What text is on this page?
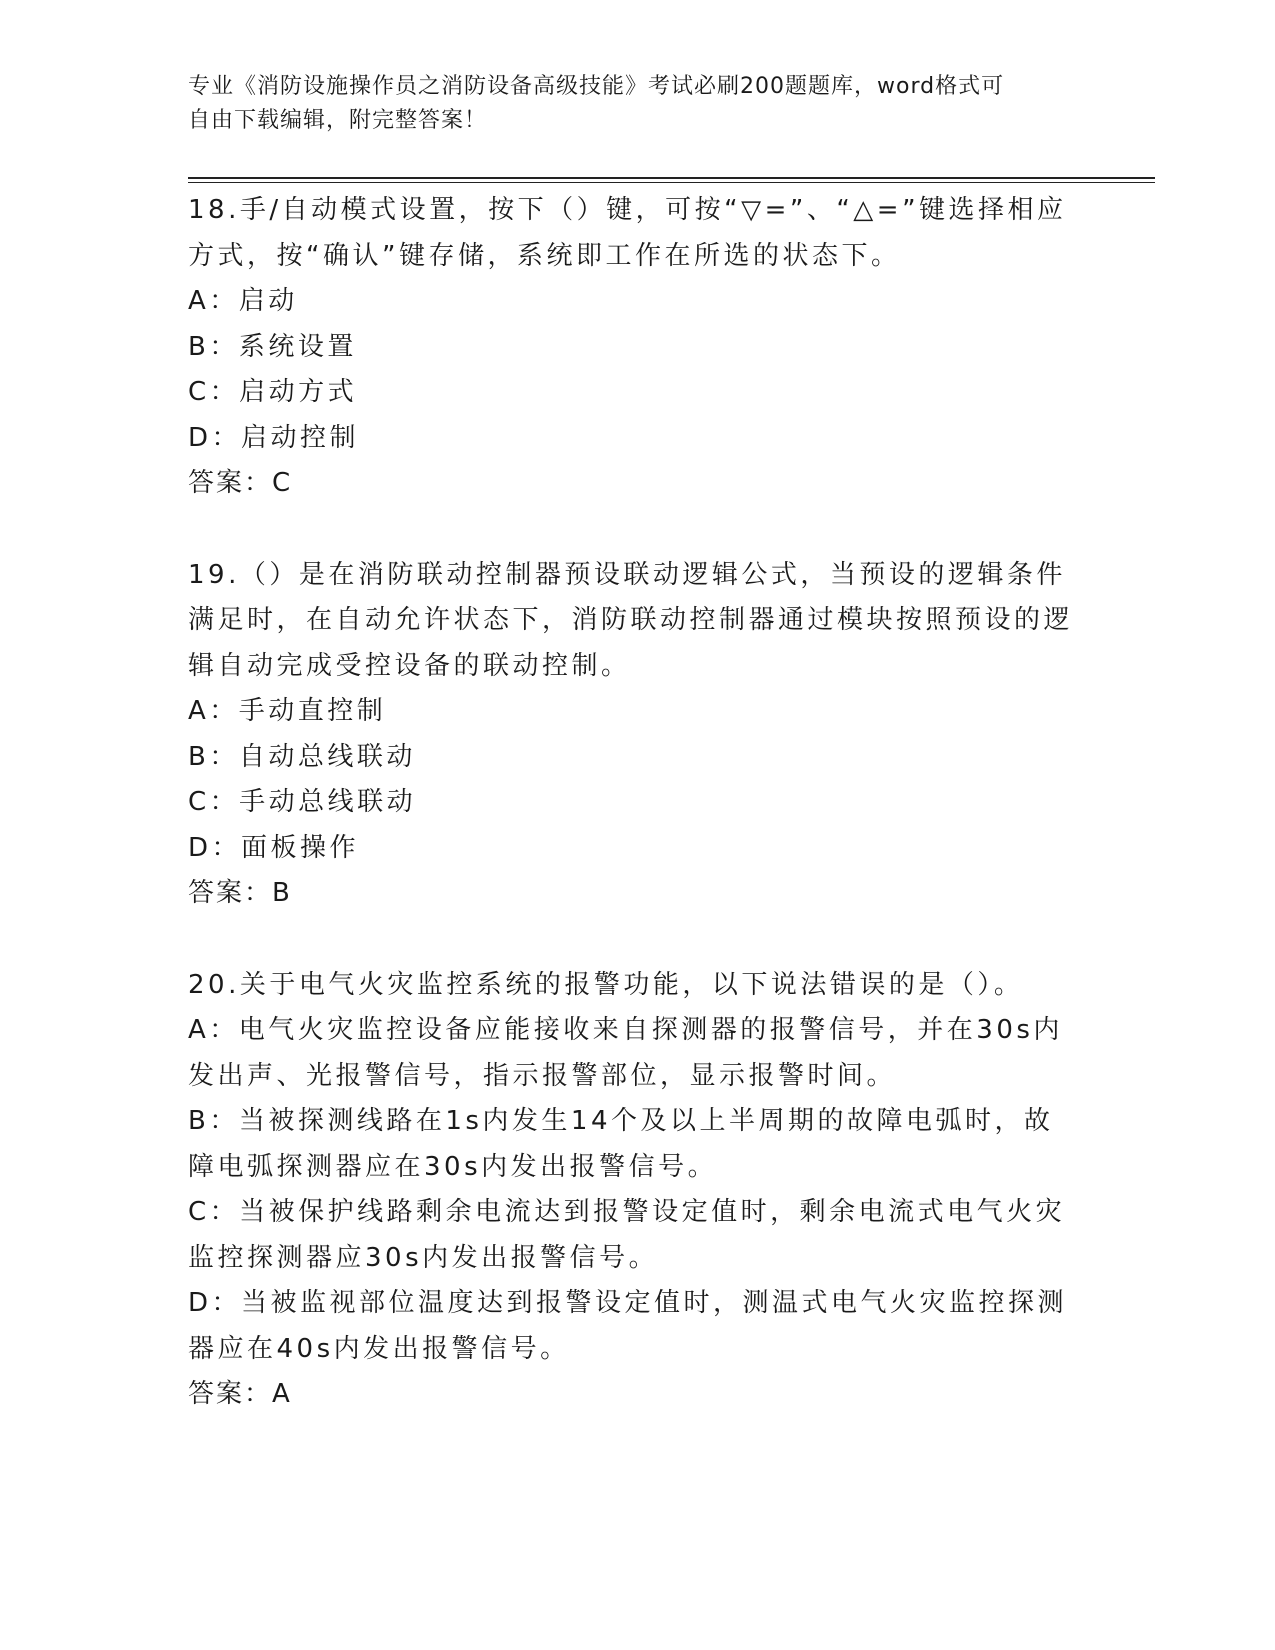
专业《消防设施操作员之消防设备高级技能》考试必刷200题题库，word格式可
自由下载编辑，附完整答案！

18.手/自动模式设置，按下（）键，可按“▽=”、“△=”键选择相应方式，按“确认”键存储，系统即工作在所选的状态下。

A：启动

B：系统设置

C：启动方式

D：启动控制

答案：C

19.（）是在消防联动控制器预设联动逻辑公式，当预设的逻辑条件满足时，在自动允许状态下，消防联动控制器通过模块按照预设的逻辑自动完成受控设备的联动控制。

A：手动直控制

B：自动总线联动

C：手动总线联动

D：面板操作

答案：B

20.关于电气火灾监控系统的报警功能，以下说法错误的是（）。

A：电气火灾监控设备应能接收来自探测器的报警信号，并在30s内发出声、光报警信号，指示报警部位，显示报警时间。

B：当被探测线路在1s内发生14个及以上半周期的故障电弧时，故障电弧探测器应在30s内发出报警信号。

C：当被保护线路剩余电流达到报警设定值时，剩余电流式电气火灾监控探测器应30s内发出报警信号。

D：当被监视部位温度达到报警设定值时，测温式电气火灾监控探测器应在40s内发出报警信号。

答案：A
